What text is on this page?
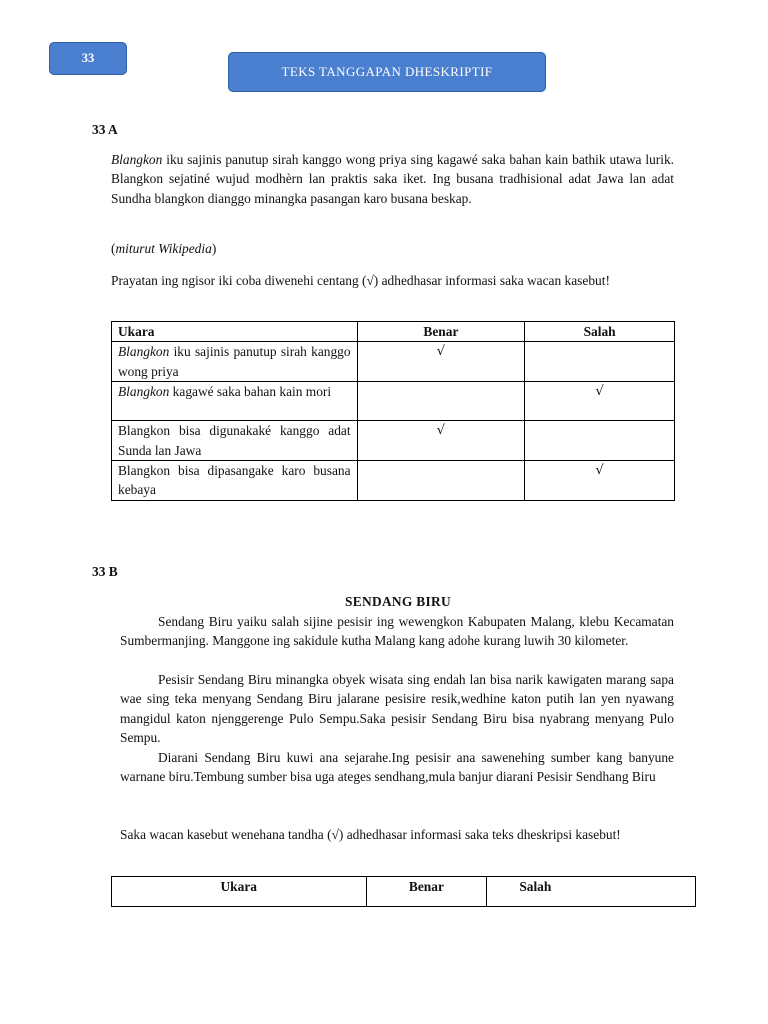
33
TEKS TANGGAPAN DHESKRIPTIF
33 A

Blangkon iku sajinis panutup sirah kanggo wong priya sing kagawé saka bahan kain bathik utawa lurik. Blangkon sejatiné wujud modhèrn lan praktis saka iket. Ing busana tradhisional adat Jawa lan adat Sundha blangkon dianggo minangka pasangan karo busana beskap.

(miturut Wikipedia)

Prayatan ing ngisor iki coba diwenehi centang (√) adhedhasar informasi saka wacan kasebut!

Ukara	Benar	Salah
Blangkon iku sajinis panutup sirah kanggo wong priya	√	
Blangkon kagawé saka bahan kain mori		√
Blangkon bisa digunakaké kanggo adat Sunda lan Jawa	√	
Blangkon bisa dipasangake karo busana kebaya		√
33 B
SENDANG BIRU

Sendang Biru yaiku salah sijine pesisir ing wewengkon Kabupaten Malang, klebu Kecamatan Sumbermanjing. Manggone ing sakidule kutha Malang kang adohe kurang luwih 30 kilometer.

Pesisir Sendang Biru minangka obyek wisata sing endah lan bisa narik kawigaten marang sapa wae sing teka menyang Sendang Biru jalarane pesisire resik,wedhine katon putih lan yen nyawang mangidul katon njenggerenge Pulo Sempu.Saka pesisir Sendang Biru bisa nyabrang menyang Pulo Sempu.

Diarani Sendang Biru kuwi ana sejarahe.Ing pesisir ana saweneh​ing sumber kang banyune warnane biru.Tembung sumber bisa uga ateges sendhang,mula banjur diarani Pesisir Sendhang Biru

Saka wacan kasebut wenehana tandha (√) adhedhasar informasi saka teks dheskripsi kasebut!

Ukara	Benar	Salah
